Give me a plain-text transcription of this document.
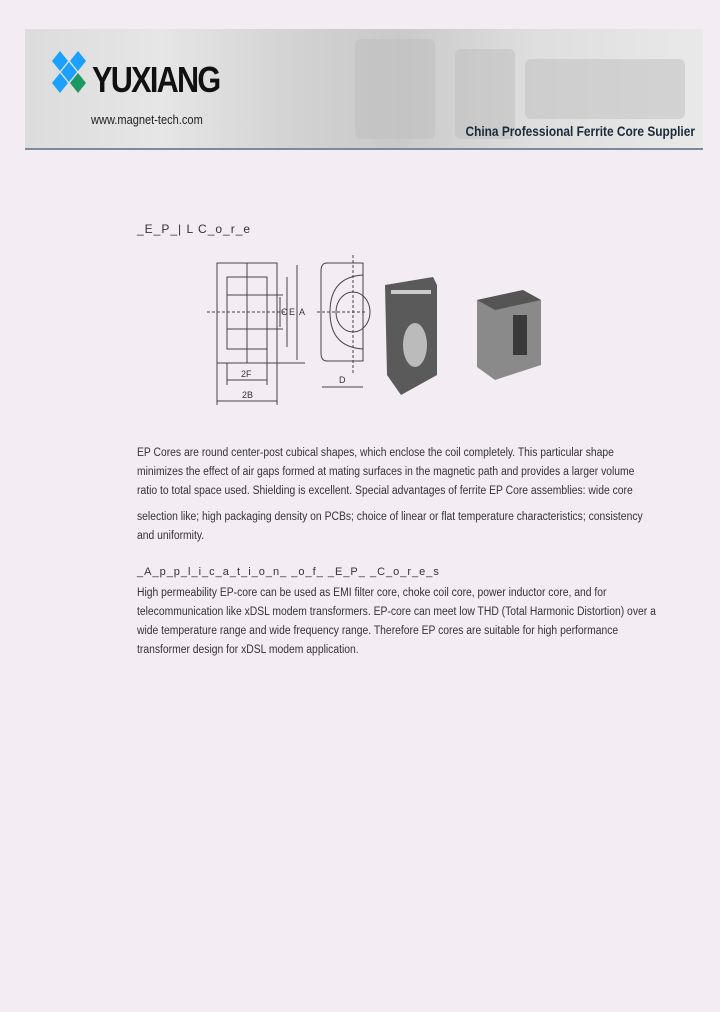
YUXIANG
www.magnet-tech.com
China Professional Ferrite Core Supplier
_E_P_| L C_o_r_e
A
E
C
2F
2B
D
EP Cores are round center-post cubical shapes, which enclose the coil completely. This particular shape
minimizes the effect of air gaps formed at mating surfaces in the magnetic path and provides a larger volume
ratio to total space used. Shielding is excellent. Special advantages of ferrite EP Core assemblies: wide core
selection like; high packaging density on PCBs; choice of linear or flat temperature characteristics; consistency
and uniformity.
_A_p_p_l_i_c_a_t_i_o_n_ _o_f_ _E_P_ _C_o_r_e_s
High permeability EP-core can be used as EMI filter core, choke coil core, power inductor core, and for
telecommunication like xDSL modem transformers. EP-core can meet low THD (Total Harmonic Distortion) over a
wide temperature range and wide frequency range. Therefore EP cores are suitable for high performance
transformer design for xDSL modem application.
